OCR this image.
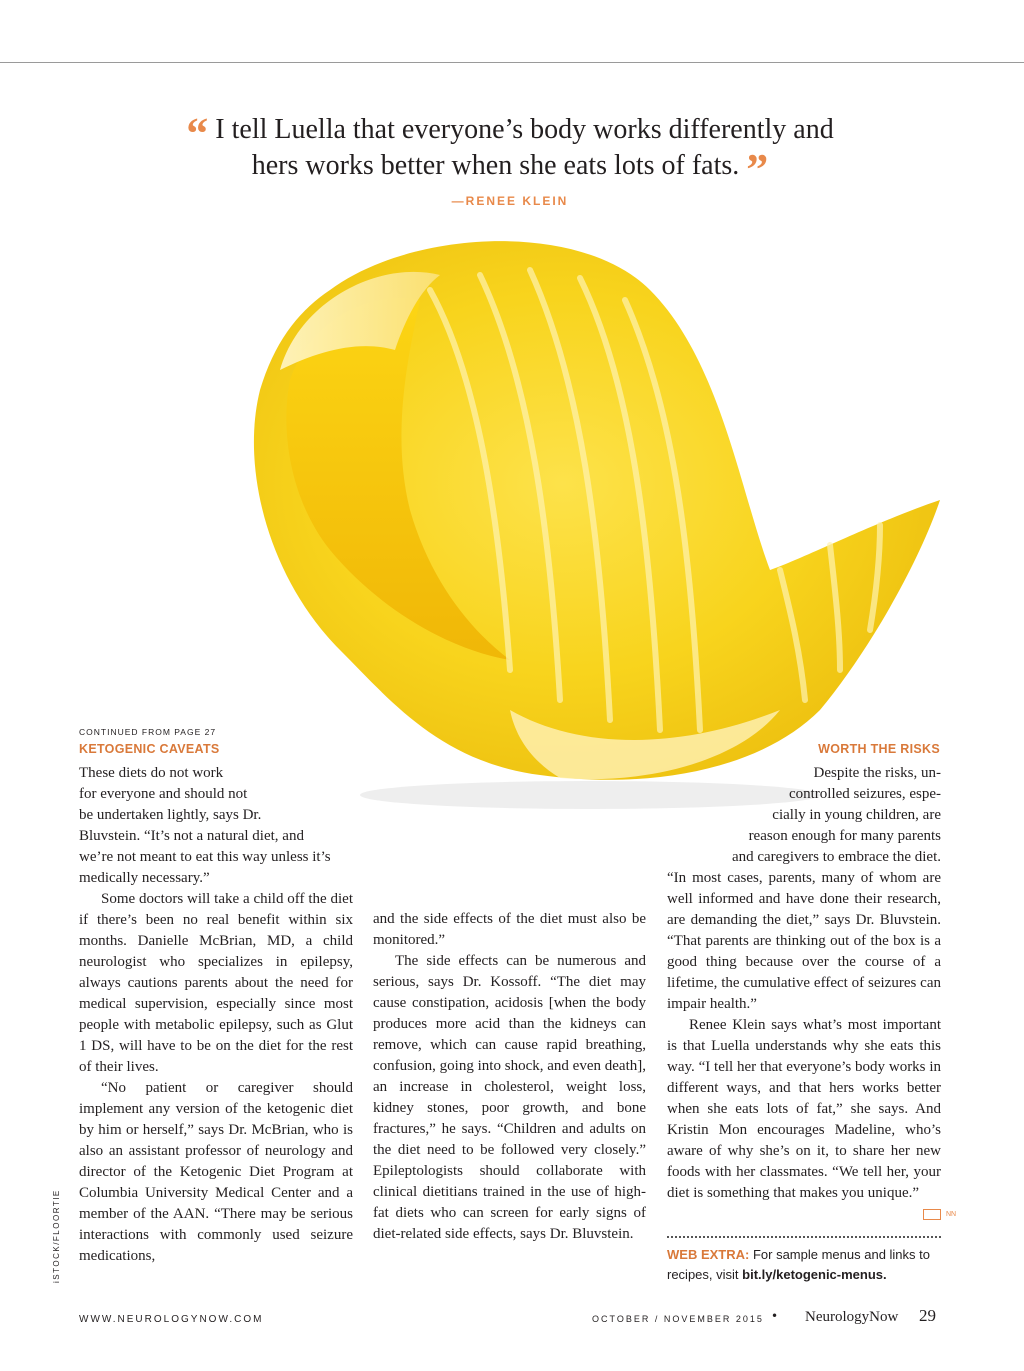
“ I tell Luella that everyone’s body works differently and
hers works better when she eats lots of fats. ”
—RENEE KLEIN
iSTOCK/FLOORTIE
CONTINUED FROM PAGE 27
KETOGENIC CAVEATS
These diets do not work
for everyone and should not
be undertaken lightly, says Dr.
Bluvstein. “It’s not a natural diet, and
we’re not meant to eat this way unless it’s
medically necessary.”

Some doctors will take a child off the diet if there’s been no real benefit within six months. Danielle McBrian, MD, a child neurologist who specializes in epilepsy, always cautions parents about the need for medical supervision, especially since most people with metabolic epilepsy, such as Glut 1 DS, will have to be on the diet for the rest of their lives.

“No patient or caregiver should implement any version of the ketogenic diet by him or herself,” says Dr. McBrian, who is also an assistant professor of neurology and director of the Ketogenic Diet Program at Columbia University Medical Center and a member of the AAN. “There may be serious interactions with commonly used seizure medications,

and the side effects of the diet must also be monitored.”

The side effects can be numerous and serious, says Dr. Kossoff. “The diet may cause constipation, acidosis [when the body produces more acid than the kidneys can remove, which can cause rapid breathing, confusion, going into shock, and even death], an increase in cholesterol, weight loss, kidney stones, poor growth, and bone fractures,” he says. “Children and adults on the diet need to be followed very closely.” Epileptologists should collaborate with clinical dietitians trained in the use of high-fat diets who can screen for early signs of diet-related side effects, says Dr. Bluvstein.

WORTH THE RISKS
Despite the risks, un-
controlled seizures, espe-
cially in young children, are
reason enough for many parents
and caregivers to embrace the diet.

“In most cases, parents, many of whom are well informed and have done their research, are demanding the diet,” says Dr. Bluvstein. “That parents are thinking out of the box is a good thing because over the course of a lifetime, the cumulative effect of seizures can impair health.”

Renee Klein says what’s most important is that Luella understands why she eats this way. “I tell her that everyone’s body works in different ways, and that hers works better when she eats lots of fat,” she says. And Kristin Mon encourages Madeline, who’s aware of why she’s on it, to share her new foods with her classmates. “We tell her, your diet is something that makes you unique.”
NN

WEB EXTRA: For sample menus and links to recipes, visit bit.ly/ketogenic-menus.
WWW.NEUROLOGYNOW.COM	OCTOBER / NOVEMBER 2015 • NeurologyNow 29
